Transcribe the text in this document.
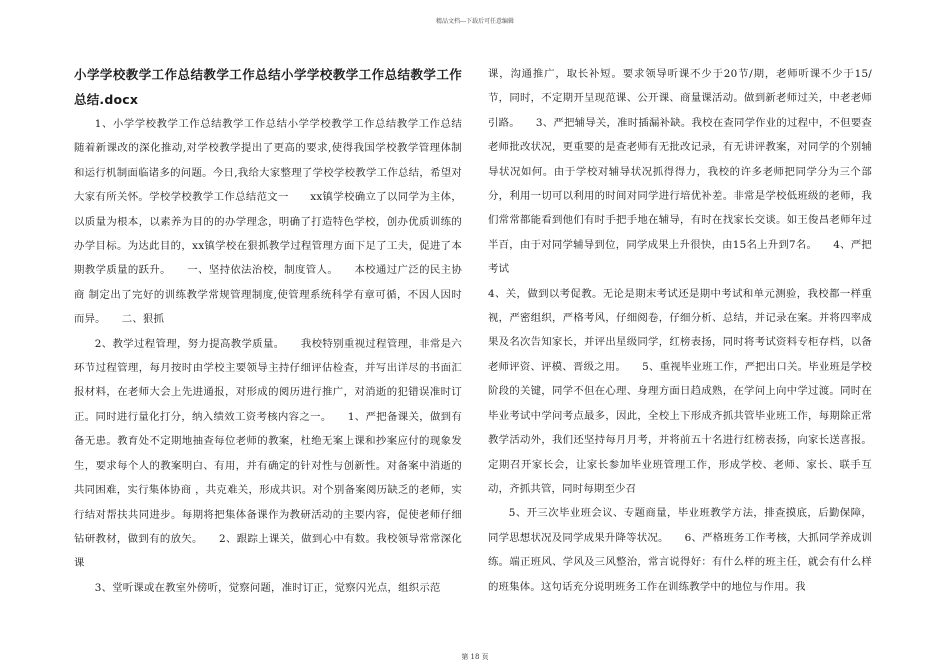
精品文档---下载后可任意编辑
小学学校教学工作总结教学工作总结小学学校教学工作总结教学工作总结.docx

1、小学学校教学工作总结教学工作总结小学学校教学工作总结教学工作总结　　随着新课改的深化推动,对学校教学提出了更高的要求,使得我国学校教学管理体制和运行机制面临诸多的问题。今日,我给大家整理了学校学校教学工作总结，希望对大家有所关怀。学校学校教学工作总结范文一　　xx镇学校确立了以同学为主体，以质量为根本，以素养为目的的办学理念，明确了打造特色学校，创办优质训练的办学目标。为达此目的，xx镇学校在狠抓教学过程管理方面下足了工夫，促进了本期教学质量的跃升。　　一、坚持依法治校，制度管人。　　本校通过广泛的民主协商 制定出了完好的训练教学常规管理制度,使管理系统科学有章可循，不因人因时而异。　　二、狠抓

2、教学过程管理，努力提高教学质量。　　我校特别重视过程管理，非常是六环节过程管理，每月按时由学校主要领导主持仔细评估检查，并写出详尽的书面汇报材料，在老师大会上先进通报，对形成的阅历进行推广，对消逝的犯错误准时订正。同时进行量化打分，纳入绩效工资考核内容之一。　　1、严把备课关，做到有备无患。教育处不定期地抽查每位老师的教案，杜绝无案上课和抄案应付的现象发生，要求每个人的教案明白、有用，并有确定的针对性与创新性。对备案中消逝的共同困难，实行集体协商 ，共克难关，形成共识。对个别备案阅历缺乏的老师，实行结对帮扶共同进步。每期将把集体备课作为教研活动的主要内容，促使老师仔细钻研教材，做到有的放矢。　　2、跟踪上课关，做到心中有数。我校领导常常深化课

3、堂听课或在教室外傍听，觉察问题，准时订正，觉察闪光点，组织示范

课，沟通推广，取长补短。要求领导听课不少于20节/期，老师听课不少于15/节，同时，不定期开呈现范课、公开课、商量课活动。做到新老师过关，中老老师引路。　　3、严把辅导关，准时插漏补缺。我校在查同学作业的过程中，不但要查老师批改状况，更重要的是查老师有无批改记录，有无讲评教案，对同学的个别辅导状况如何。由于学校对辅导状况抓得得力，我校的许多老师把同学分为三个部分，利用一切可以利用的时间对同学进行培优补差。非常是学校低班级的老师，我们常常都能看到他们有时手把手地在辅导，有时在找家长交谈。如王俊昌老师年过半百，由于对同学辅导到位，同学成果上升很快，由15名上升到7名。　　4、严把考试

4、关，做到以考促教。无论是期末考试还是期中考试和单元测验，我校都一样重视，严密组织，严格考风，仔细阅卷，仔细分析、总结，并记录在案。并将四率成果及名次告知家长，并评出星级同学，红榜表扬，同时将考试资料专柜存档，以备老师评资、评模、晋级之用。　　5、重视毕业班工作，严把出口关。毕业班是学校阶段的关键，同学不但在心理、身理方面日趋成熟，在学问上向中学过渡。同时在毕业考试中学问考点最多，因此，全校上下形成齐抓共管毕业班工作，每期除正常教学活动外，我们还坚持每月月考，并将前五十名进行红榜表扬，向家长送喜报。定期召开家长会，让家长参加毕业班管理工作，形成学校、老师、家长、联手互动，齐抓共管，同时每期至少召

5、开三次毕业班会议、专题商量，毕业班教学方法，排查摸底，后勤保障，同学思想状况及同学成果升降等状况。　　6、严格班务工作考核，大抓同学养成训练。端正班风、学风及三风整治，常言说得好：有什么样的班主任，就会有什么样的班集体。这句话充分说明班务工作在训练教学中的地位与作用。我

第 18 页
